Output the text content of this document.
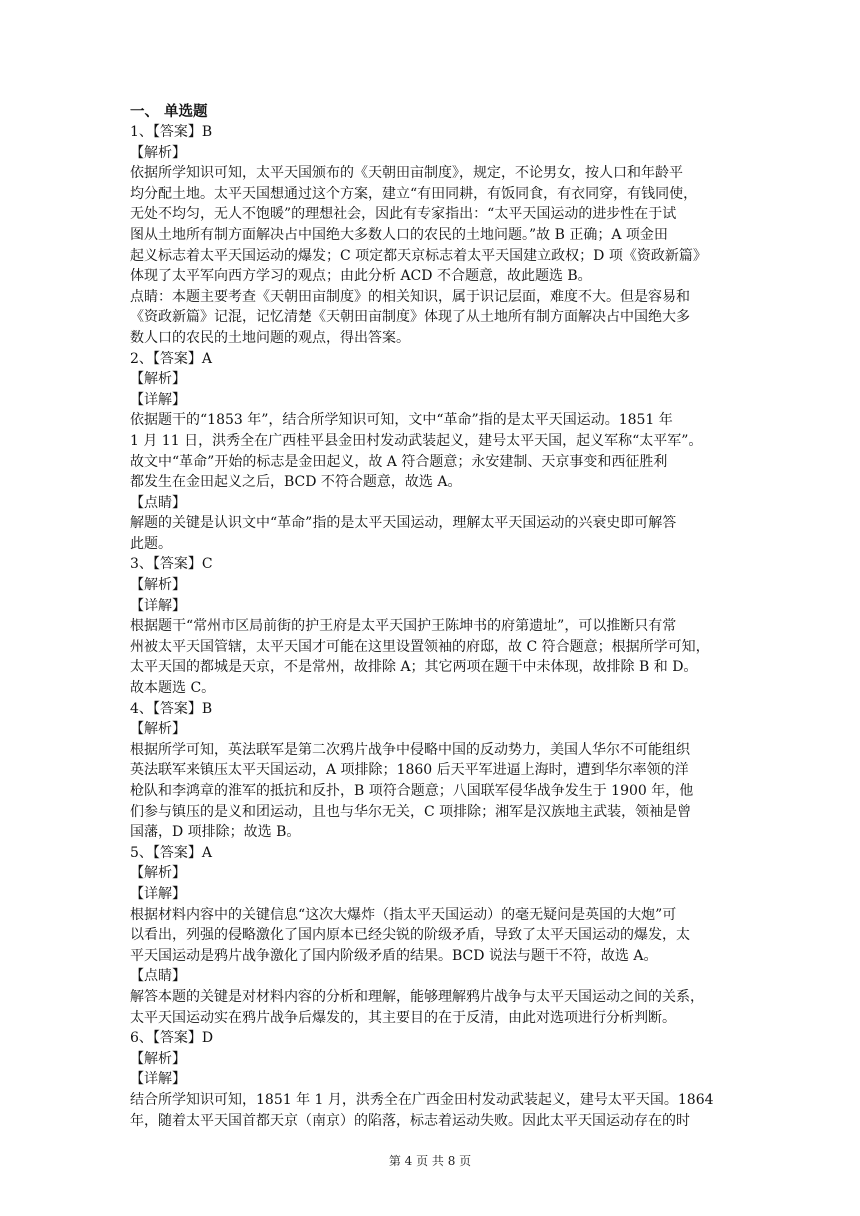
一、 单选题
1、【答案】B
【解析】
依据所学知识可知，太平天国颁布的《天朝田亩制度》，规定，不论男女，按人口和年龄平
均分配土地。太平天国想通过这个方案，建立“有田同耕，有饭同食，有衣同穿，有钱同使，
无处不均匀，无人不饱暖”的理想社会，因此有专家指出：“太平天国运动的进步性在于试
图从土地所有制方面解决占中国绝大多数人口的农民的土地问题。”故 B 正确；A 项金田
起义标志着太平天国运动的爆发；C 项定都天京标志着太平天国建立政权；D 项《资政新篇》
体现了太平军向西方学习的观点；由此分析 ACD 不合题意，故此题选 B。
点睛：本题主要考查《天朝田亩制度》的相关知识，属于识记层面，难度不大。但是容易和
《资政新篇》记混，记忆清楚《天朝田亩制度》体现了从土地所有制方面解决占中国绝大多
数人口的农民的土地问题的观点，得出答案。
2、【答案】A
【解析】
【详解】
依据题干的“1853 年”，结合所学知识可知，文中“革命”指的是太平天国运动。1851 年
1 月 11 日，洪秀全在广西桂平县金田村发动武装起义，建号太平天国，起义军称“太平军”。
故文中“革命”开始的标志是金田起义，故 A 符合题意；永安建制、天京事变和西征胜利
都发生在金田起义之后，BCD 不符合题意，故选 A。
【点睛】
解题的关键是认识文中“革命”指的是太平天国运动，理解太平天国运动的兴衰史即可解答
此题。
3、【答案】C
【解析】
【详解】
根据题干“常州市区局前街的护王府是太平天国护王陈坤书的府第遗址”，可以推断只有常
州被太平天国管辖，太平天国才可能在这里设置领袖的府邸，故 C 符合题意；根据所学可知，
太平天国的都城是天京，不是常州，故排除 A；其它两项在题干中未体现，故排除 B 和 D。
故本题选 C。
4、【答案】B
【解析】
根据所学可知，英法联军是第二次鸦片战争中侵略中国的反动势力，美国人华尔不可能组织
英法联军来镇压太平天国运动，A 项排除；1860 后天平军进逼上海时，遭到华尔率领的洋
枪队和李鸿章的淮军的抵抗和反扑，B 项符合题意；八国联军侵华战争发生于 1900 年，他
们参与镇压的是义和团运动，且也与华尔无关，C 项排除；湘军是汉族地主武装，领袖是曾
国藩，D 项排除；故选 B。
5、【答案】A
【解析】
【详解】
根据材料内容中的关键信息“这次大爆炸（指太平天国运动）的毫无疑问是英国的大炮”可
以看出，列强的侵略激化了国内原本已经尖锐的阶级矛盾，导致了太平天国运动的爆发，太
平天国运动是鸦片战争激化了国内阶级矛盾的结果。BCD 说法与题干不符，故选 A。
【点睛】
解答本题的关键是对材料内容的分析和理解，能够理解鸦片战争与太平天国运动之间的关系，
太平天国运动实在鸦片战争后爆发的，其主要目的在于反清，由此对选项进行分析判断。
6、【答案】D
【解析】
【详解】
结合所学知识可知，1851 年 1 月，洪秀全在广西金田村发动武装起义，建号太平天国。1864
年，随着太平天国首都天京（南京）的陷落，标志着运动失败。因此太平天国运动存在的时
第 4 页 共 8 页
